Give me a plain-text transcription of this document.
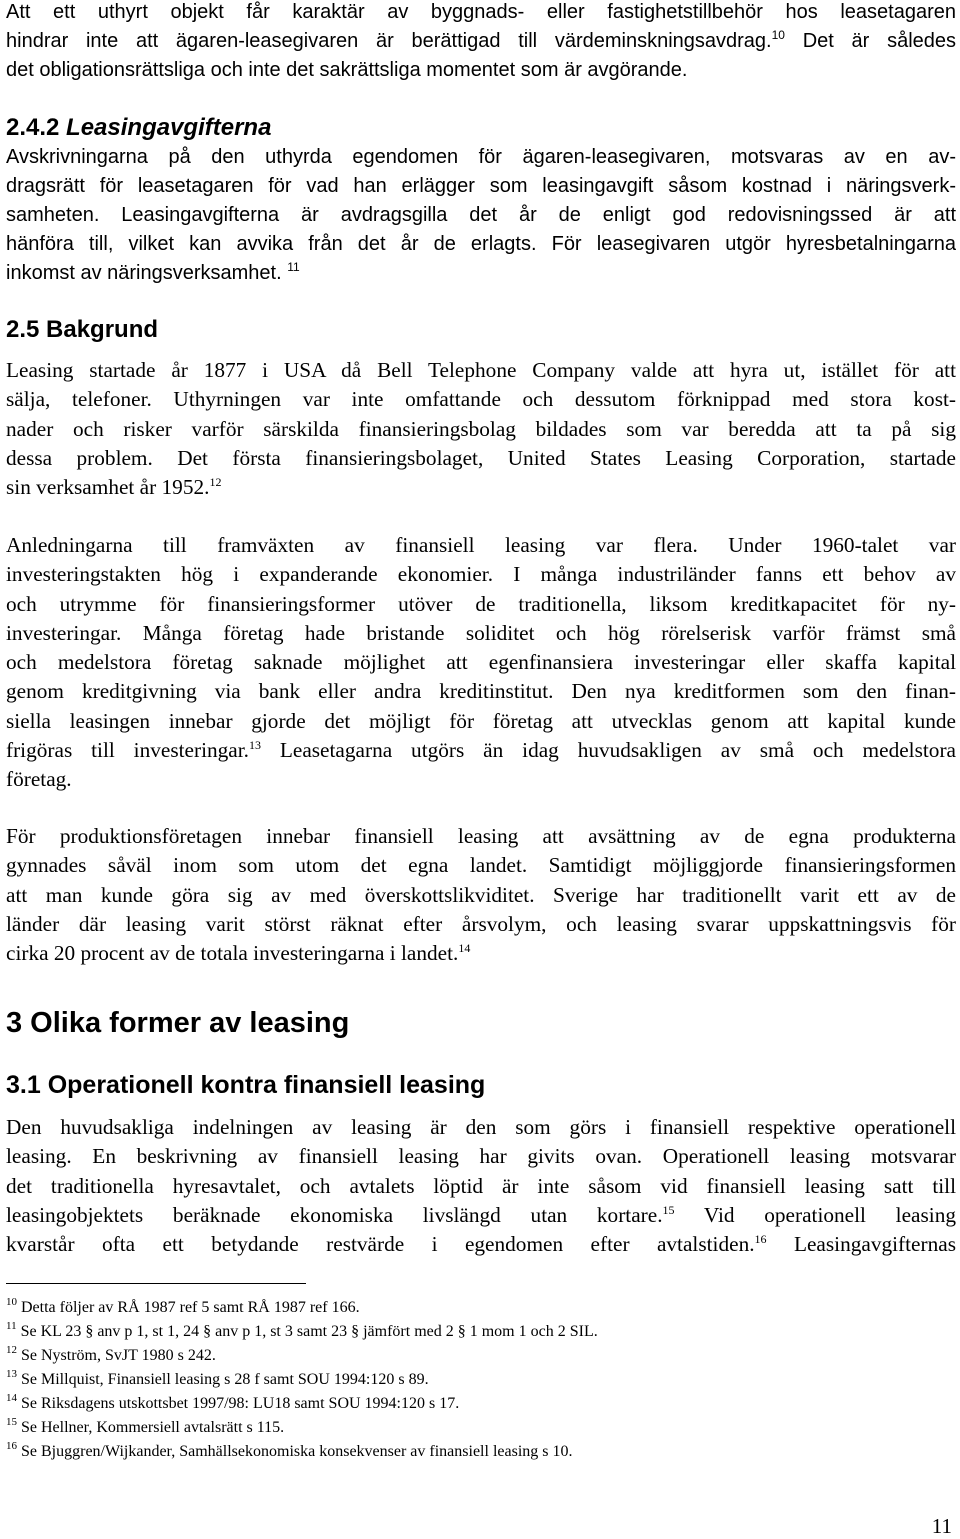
Att ett uthyrt objekt får karaktär av byggnads- eller fastighetstillbehör hos leasetagaren
hindrar inte att ägaren-leasegivaren är berättigad till värdeminskningsavdrag.$^{10}$ Det är således
det obligationsrättsliga och inte det sakrättsliga momentet som är avgörande.
2.4.2 Leasingavgifterna
Avskrivningarna på den uthyrda egendomen för ägaren-leasegivaren, motsvaras av en av-
dragsrätt för leasetagaren för vad han erlägger som leasingavgift såsom kostnad i näringsverk-
samheten. Leasingavgifterna är avdragsgilla det år de enligt god redovisningssed är att
hänföra till, vilket kan avvika från det år de erlagts. För leasegivaren utgör hyresbetalningarna
inkomst av näringsverksamhet. $^{11}$
2.5 Bakgrund
Leasing startade år 1877 i USA då Bell Telephone Company valde att hyra ut, istället för att
sälja, telefoner. Uthyrningen var inte omfattande och dessutom förknippad med stora kost-
nader och risker varför särskilda finansieringsbolag bildades som var beredda att ta på sig
dessa problem. Det första finansieringsbolaget, United States Leasing Corporation, startade
sin verksamhet år 1952.12
Anledningarna till framväxten av finansiell leasing var flera. Under 1960-talet var
investeringstakten hög i expanderande ekonomier. I många industriländer fanns ett behov av
och utrymme för finansieringsformer utöver de traditionella, liksom kreditkapacitet för ny-
investeringar. Många företag hade bristande soliditet och hög rörelserisk varför främst små
och medelstora företag saknade möjlighet att egenfinansiera investeringar eller skaffa kapital
genom kreditgivning via bank eller andra kreditinstitut. Den nya kreditformen som den finan-
siella leasingen innebar gjorde det möjligt för företag att utvecklas genom att kapital kunde
frigöras till investeringar.$^{13}$ Leasetagarna utgörs än idag huvudsakligen av små och medelstora
företag.
För produktionsföretagen innebar finansiell leasing att avsättning av de egna produkterna
gynnades såväl inom som utom det egna landet. Samtidigt möjliggjorde finansieringsformen
att man kunde göra sig av med överskottslikviditet. Sverige har traditionellt varit ett av de
länder där leasing varit störst räknat efter årsvolym, och leasing svarar uppskattningsvis för
cirka 20 procent av de totala investeringarna i landet.$^{14}$
3 Olika former av leasing
3.1 Operationell kontra finansiell leasing
Den huvudsakliga indelningen av leasing är den som görs i finansiell respektive operationell
leasing. En beskrivning av finansiell leasing har givits ovan. Operationell leasing motsvarar
det traditionella hyresavtalet, och avtalets löptid är inte såsom vid finansiell leasing satt till
leasingobjektets beräknade ekonomiska livslängd utan kortare.$^{15}$ Vid operationell leasing
kvarstår ofta ett betydande restvärde i egendomen efter avtalstiden.$^{16}$ Leasingavgifternas
$^{10}$ Detta följer av RÅ 1987 ref 5 samt RÅ 1987 ref 166.
$^{11}$ Se KL 23 § anv p 1, st 1, 24 § anv p 1, st 3 samt 23 § jämfört med 2 § 1 mom 1 och 2 SIL.
$^{12}$ Se Nyström, SvJT 1980 s 242.
$^{13}$ Se Millquist, Finansiell leasing s 28 f samt SOU 1994:120 s 89.
$^{14}$ Se Riksdagens utskottsbet 1997/98: LU18 samt SOU 1994:120 s 17.
$^{15}$ Se Hellner, Kommersiell avtalsrätt s 115.
$^{16}$ Se Bjuggren/Wijkander, Samhällsekonomiska konsekvenser av finansiell leasing s 10.
11
